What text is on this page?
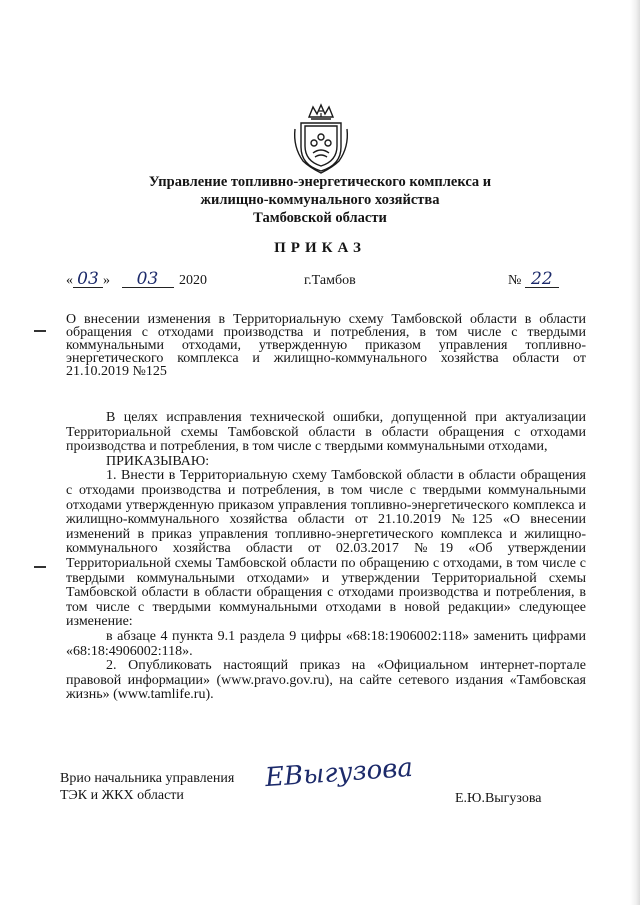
Управление топливно-энергетического комплекса и
жилищно-коммунального хозяйства
Тамбовской области
ПРИКАЗ
« 03 » 03 2020	г.Тамбов	№ 22
О внесении изменения в Территориальную схему Тамбовской области в области обращения с отходами производства и потребления, в том числе с твердыми коммунальными отходами, утвержденную приказом управления топливно-энергетического комплекса и жилищно-коммунального хозяйства области от 21.10.2019 №125

В целях исправления технической ошибки, допущенной при актуализации Территориальной схемы Тамбовской области в области обращения с отходами производства и потребления, в том числе с твердыми коммунальными отходами,

ПРИКАЗЫВАЮ:

1. Внести в Территориальную схему Тамбовской области в области обращения с отходами производства и потребления, в том числе с твердыми коммунальными отходами утвержденную приказом управления топливно-энергетического комплекса и жилищно-коммунального хозяйства области от 21.10.2019 №125 «О внесении изменений в приказ управления топливно-энергетического комплекса и жилищно-коммунального хозяйства области от 02.03.2017 №19 «Об утверждении Территориальной схемы Тамбовской области по обращению с отходами, в том числе с твердыми коммунальными отходами» и утверждении Территориальной схемы Тамбовской области в области обращения с отходами производства и потребления, в том числе с твердыми коммунальными отходами в новой редакции» следующее изменение:

в абзаце 4 пункта 9.1 раздела 9 цифры «68:18:1906002:118» заменить цифрами «68:18:4906002:118».

2. Опубликовать настоящий приказ на «Официальном интернет-портале правовой информации» (www.pravo.gov.ru), на сайте сетевого издания «Тамбовская жизнь» (www.tamlife.ru).

Врио начальника управления
ТЭК и ЖКХ области
ЕВыгузова
Е.Ю.Выгузова
